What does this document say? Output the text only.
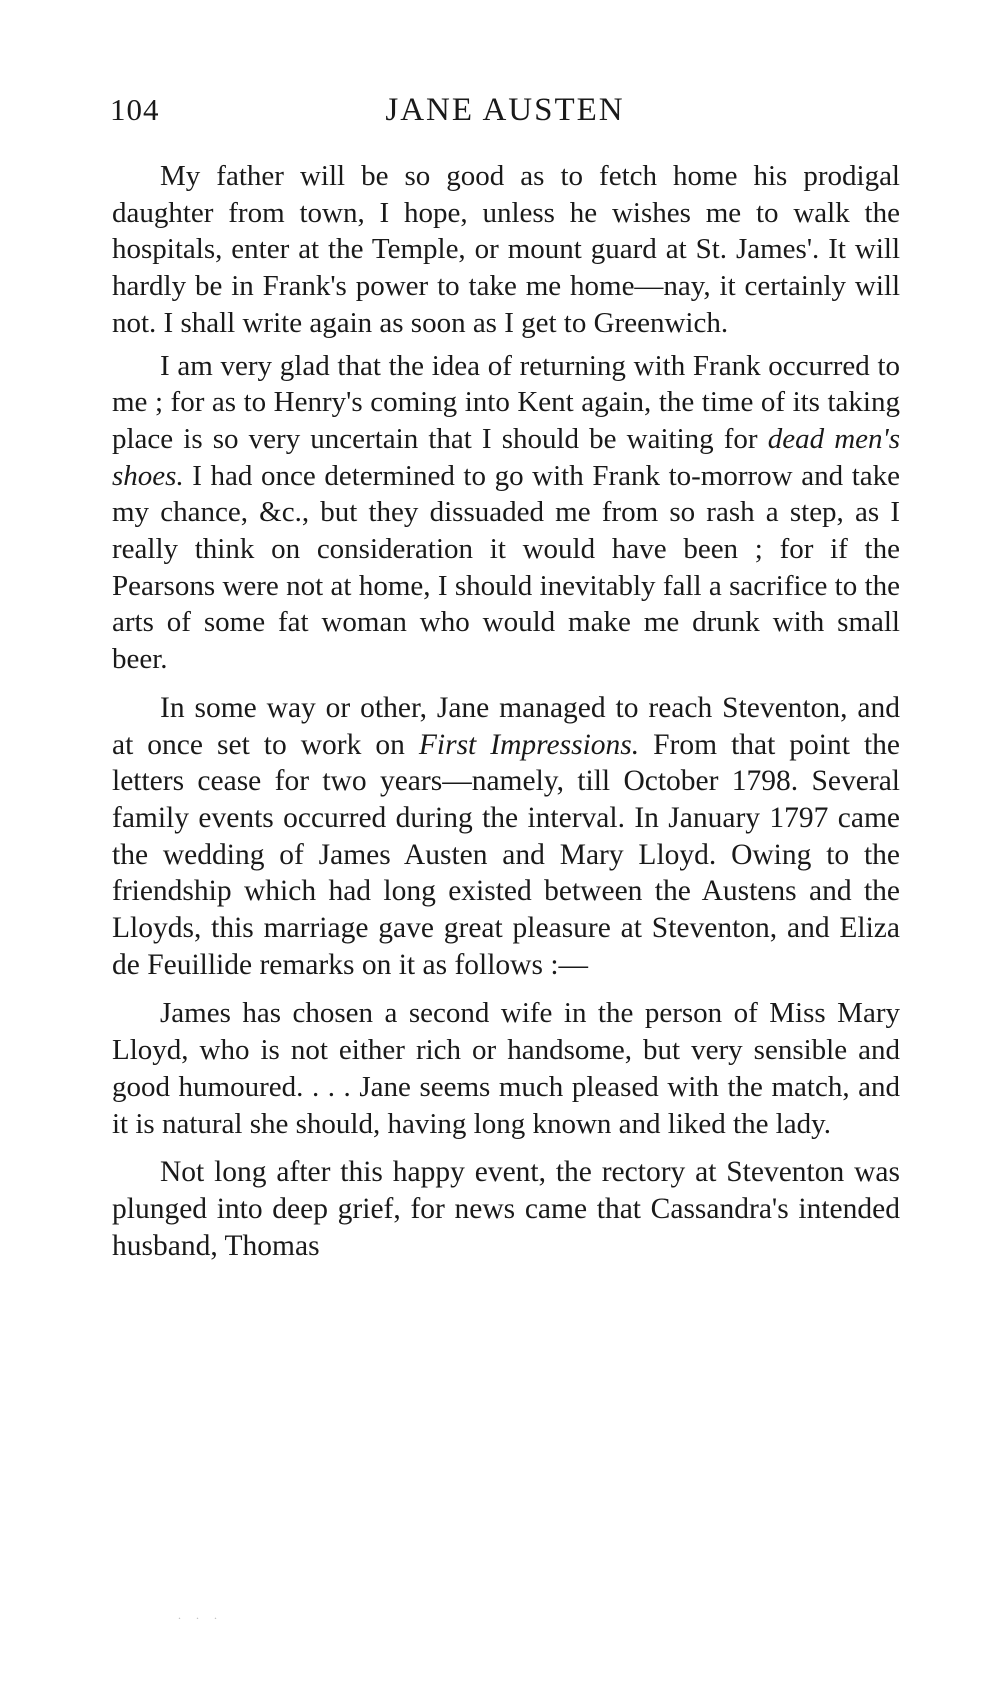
104	JANE AUSTEN

My father will be so good as to fetch home his prodigal daughter from town, I hope, unless he wishes me to walk the hospitals, enter at the Temple, or mount guard at St. James'. It will hardly be in Frank's power to take me home—nay, it certainly will not. I shall write again as soon as I get to Greenwich.

I am very glad that the idea of returning with Frank occurred to me ; for as to Henry's coming into Kent again, the time of its taking place is so very uncertain that I should be waiting for dead men's shoes. I had once determined to go with Frank to-morrow and take my chance, &c., but they dissuaded me from so rash a step, as I really think on consideration it would have been ; for if the Pearsons were not at home, I should inevitably fall a sacrifice to the arts of some fat woman who would make me drunk with small beer.

In some way or other, Jane managed to reach Steventon, and at once set to work on First Impressions. From that point the letters cease for two years—namely, till October 1798. Several family events occurred during the interval. In January 1797 came the wedding of James Austen and Mary Lloyd. Owing to the friendship which had long existed between the Austens and the Lloyds, this marriage gave great pleasure at Steventon, and Eliza de Feuillide remarks on it as follows :—

James has chosen a second wife in the person of Miss Mary Lloyd, who is not either rich or handsome, but very sensible and good humoured. . . . Jane seems much pleased with the match, and it is natural she should, having long known and liked the lady.

Not long after this happy event, the rectory at Steventon was plunged into deep grief, for news came that Cassandra's intended husband, Thomas

. . .
